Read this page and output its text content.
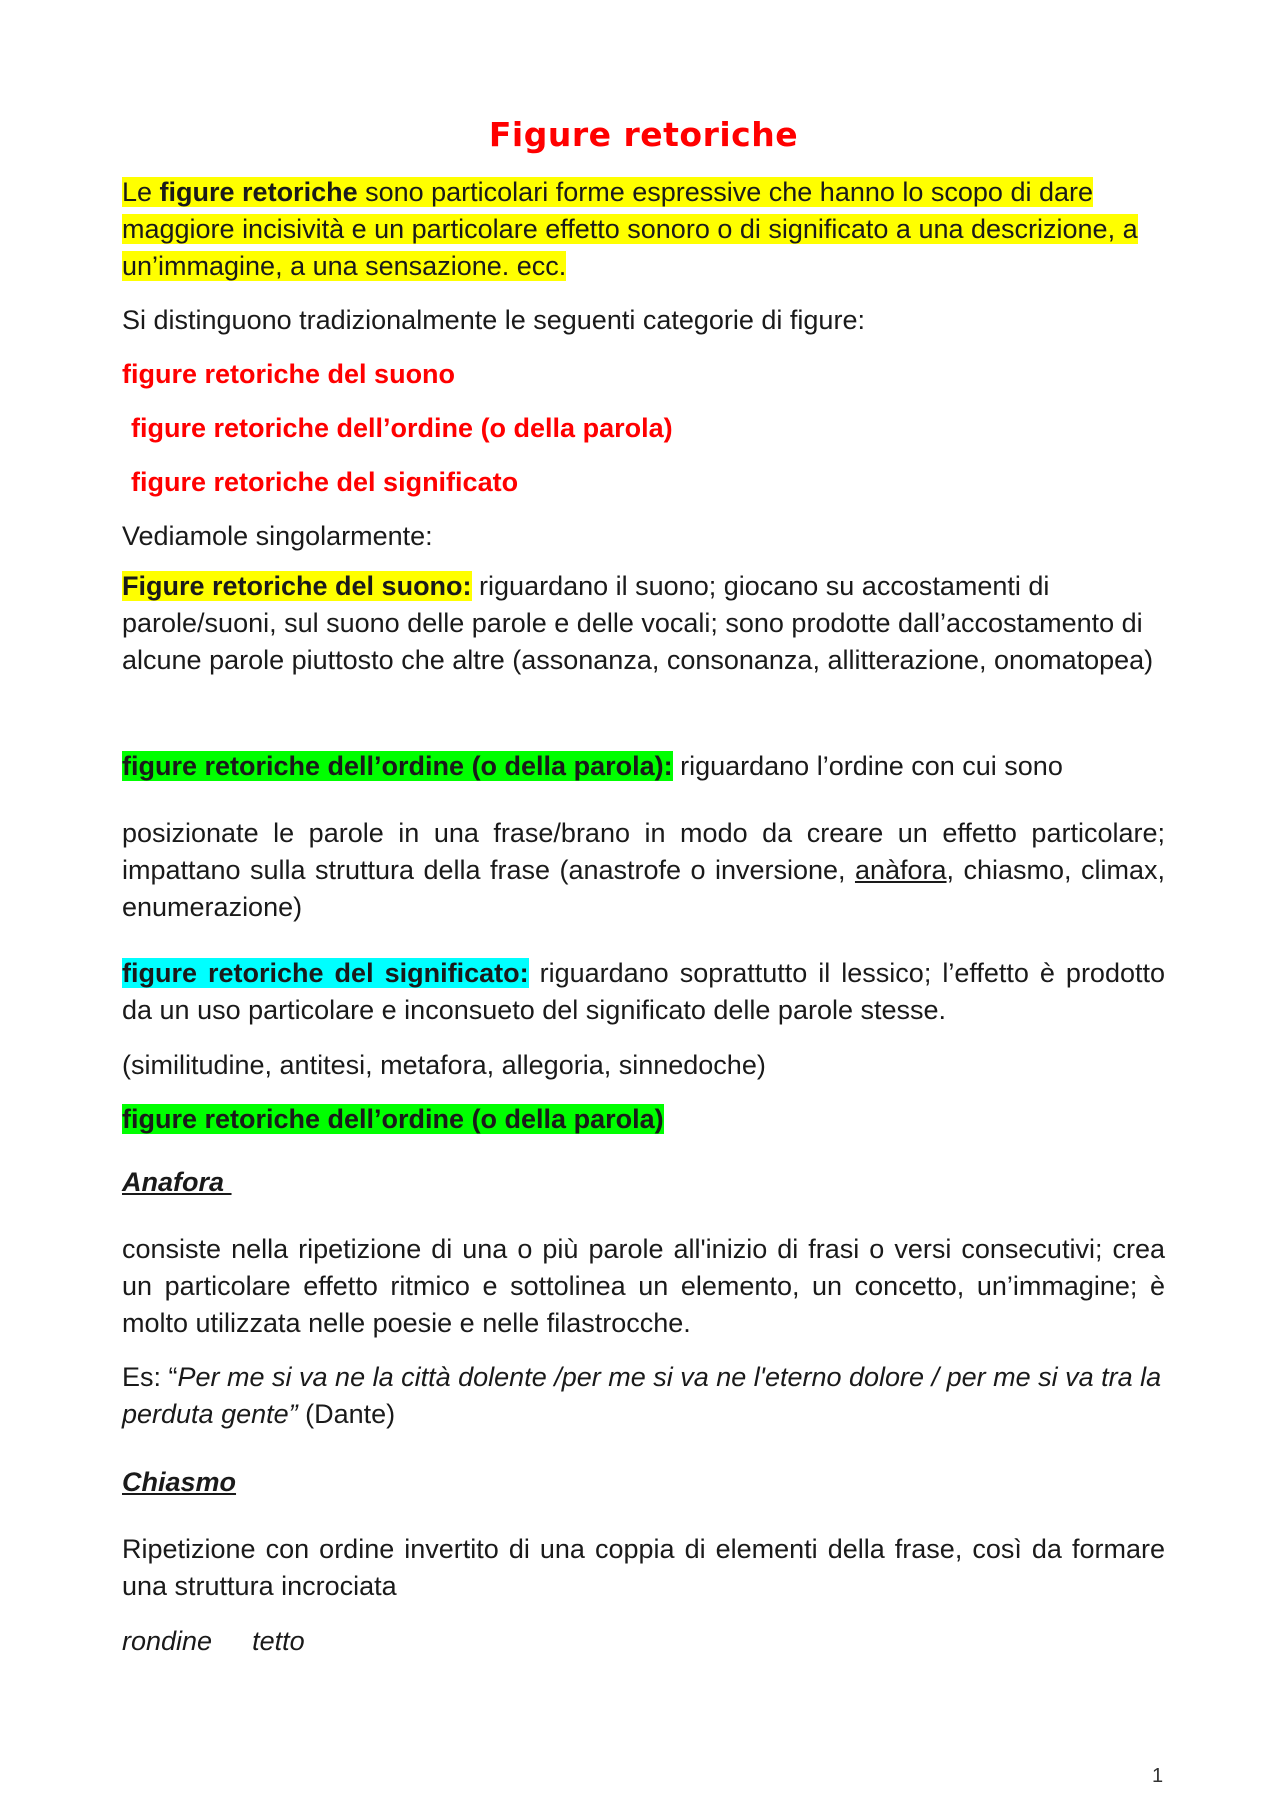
Figure retoriche
Le figure retoriche sono particolari forme espressive che hanno lo scopo di dare maggiore incisività e un particolare effetto sonoro o di significato a una descrizione, a un’immagine, a una sensazione. ecc.
Si distinguono tradizionalmente le seguenti categorie di figure:
figure retoriche del suono
figure retoriche dell’ordine (o della parola)
figure retoriche del significato
Vediamole singolarmente:
Figure retoriche del suono: riguardano il suono; giocano su accostamenti di parole/suoni, sul suono delle parole e delle vocali; sono prodotte dall’accostamento di alcune parole piuttosto che altre (assonanza, consonanza, allitterazione, onomatopea)
figure retoriche dell’ordine (o della parola): riguardano l’ordine con cui sono
posizionate le parole in una frase/brano in modo da creare un effetto particolare; impattano sulla struttura della frase (anastrofe o inversione, anàfora, chiasmo, climax, enumerazione)
figure retoriche del significato: riguardano soprattutto il lessico; l’effetto è prodotto da un uso particolare e inconsueto del significato delle parole stesse.
(similitudine, antitesi, metafora, allegoria, sinnedoche)
figure retoriche dell’ordine (o della parola)
Anafora
consiste nella ripetizione di una o più parole all'inizio di frasi o versi consecutivi; crea un particolare effetto ritmico e sottolinea un elemento, un concetto, un’immagine; è molto utilizzata nelle poesie e nelle filastrocche.
Es: “Per me si va ne la città dolente /per me si va ne l'eterno dolore / per me si va tra la perduta gente” (Dante)
Chiasmo
Ripetizione con ordine invertito di una coppia di elementi della frase, così da formare una struttura incrociata
rondine tetto
1
